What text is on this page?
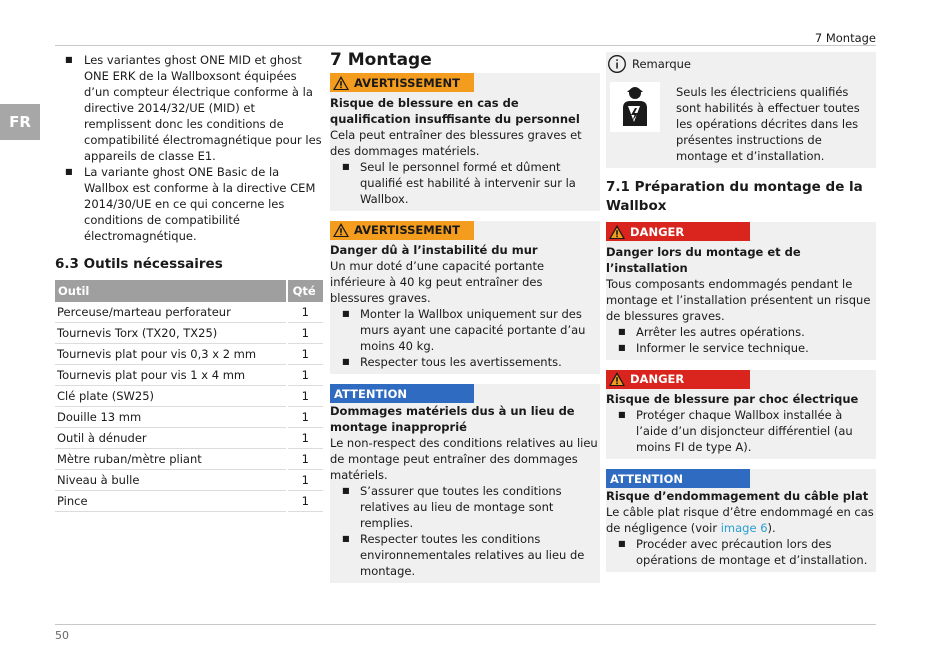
7 Montage
FR
■ Les variantes ghost ONE MID et ghost ONE ERK de la Wallboxsont équipées d’un compteur électrique conforme à la directive 2014/32/UE (MID) et remplissent donc les conditions de compatibilité électromagnétique pour les appareils de classe E1.
■ La variante ghost ONE Basic de la Wallbox est conforme à la directive CEM 2014/30/UE en ce qui concerne les conditions de compatibilité électromagnétique.
6.3 Outils nécessaires
Outil	Qté
Perceuse/marteau perforateur	1
Tournevis Torx (TX20, TX25)	1
Tournevis plat pour vis 0,3 x 2 mm	1
Tournevis plat pour vis 1 x 4 mm	1
Clé plate (SW25)	1
Douille 13 mm	1
Outil à dénuder	1
Mètre ruban/mètre pliant	1
Niveau à bulle	1
Pince	1
7 Montage
AVERTISSEMENT
Risque de blessure en cas de qualification insuffisante du personnel

Cela peut entraîner des blessures graves et des dommages matériels.

■ Seul le personnel formé et dûment qualifié est habilité à intervenir sur la Wallbox.
AVERTISSEMENT
Danger dû à l’instabilité du mur

Un mur doté d’une capacité portante inférieure à 40 kg peut entraîner des blessures graves.

■ Monter la Wallbox uniquement sur des murs ayant une capacité portante d’au moins 40 kg.
■ Respecter tous les avertissements.
ATTENTION
Dommages matériels dus à un lieu de montage inapproprié

Le non-respect des conditions relatives au lieu de montage peut entraîner des dommages matériels.

■ S’assurer que toutes les conditions relatives au lieu de montage sont remplies.
■ Respecter toutes les conditions environnementales relatives au lieu de montage.
Remarque

Seuls les électriciens qualifiés sont habilités à effectuer toutes les opérations décrites dans les présentes instructions de montage et d’installation.

7.1 Préparation du montage de la Wallbox
DANGER
Danger lors du montage et de l’installation

Tous composants endommagés pendant le montage et l’installation présentent un risque de blessures graves.

■ Arrêter les autres opérations.
■ Informer le service technique.
DANGER
Risque de blessure par choc électrique
■ Protéger chaque Wallbox installée à l’aide d’un disjoncteur différentiel (au moins FI de type A).
ATTENTION
Risque d’endommagement du câble plat

Le câble plat risque d’être endommagé en cas de négligence (voir image 6).

■ Procéder avec précaution lors des opérations de montage et d’installation.
50
